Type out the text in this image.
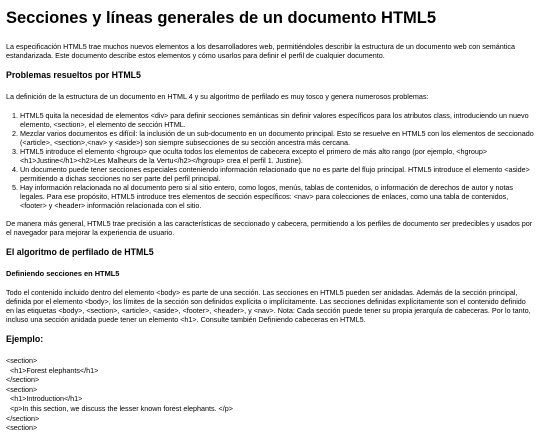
Secciones y líneas generales de un documento HTML5

La especificación HTML5 trae muchos nuevos elementos a los desarrolladores web, permitiéndoles describir la estructura de un documento web con semántica estandarizada. Este documento describe estos elementos y cómo usarlos para definir el perfil de cualquier documento.

Problemas resueltos por HTML5

La definición de la estructura de un documento en HTML 4 y su algoritmo de perfilado es muy tosco y genera numerosos problemas:

1. HTML5 quita la necesidad de elementos <div> para definir secciones semánticas sin definir valores específicos para los atributos class, introduciendo un nuevo elemento, <section>, el elemento de sección HTML.
2. Mezclar varios documentos es difícil: la inclusión de un sub-documento en un documento principal. Esto se resuelve en HTML5 con los elementos de seccionado (<article>, <section>,<nav> y <aside>) son siempre subsecciones de su sección ancestra más cercana.
3. HTML5 introduce el elemento <hgroup> que oculta todos los elementos de cabecera excepto el primero de más alto rango (por ejemplo, <hgroup><h1>Justine</h1><h2>Les Malheurs de la Vertu</h2></hgroup> crea el perfil 1. Justine).
4. Un documento puede tener secciones especiales conteniendo información relacionado que no es parte del flujo principal. HTML5 introduce el elemento <aside> permitiendo a dichas secciones no ser parte del perfil principal.
5. Hay información relacionada no al documento pero si al sitio entero, como logos, menús, tablas de contenidos, o información de derechos de autor y notas legales. Para ese propósito, HTML5 introduce tres elementos de sección específicos: <nav> para colecciones de enlaces, como una tabla de contenidos, <footer> y <header> información relacionada con el sitio.

De manera más general, HTML5 trae precisión a las características de seccionado y cabecera, permitiendo a los perfiles de documento ser predecibles y usados por el navegador para mejorar la experiencia de usuario.

El algoritmo de perfilado de HTML5
Definiendo secciones en HTML5

Todo el contenido incluido dentro del elemento <body> es parte de una sección. Las secciones en HTML5 pueden ser anidadas. Además de la sección principal, definida por el elemento <body>, los límites de la sección son definidos explícita o implícitamente. Las secciones definidas explícitamente son el contenido definido en las etiquetas <body>, <section>, <article>, <aside>, <footer>, <header>, y <nav>. Nota: Cada sección puede tener su propia jerarquía de cabeceras. Por lo tanto, incluso una sección anidada puede tener un elemento <h1>. Consulte también Definiendo cabeceras en HTML5.

Ejemplo:
<section>
<h1>Forest elephants</h1>
</section>
<section>
<h1>Introduction</h1>
<p>In this section, we discuss the lesser known forest elephants. </p>
</section>
<section>
